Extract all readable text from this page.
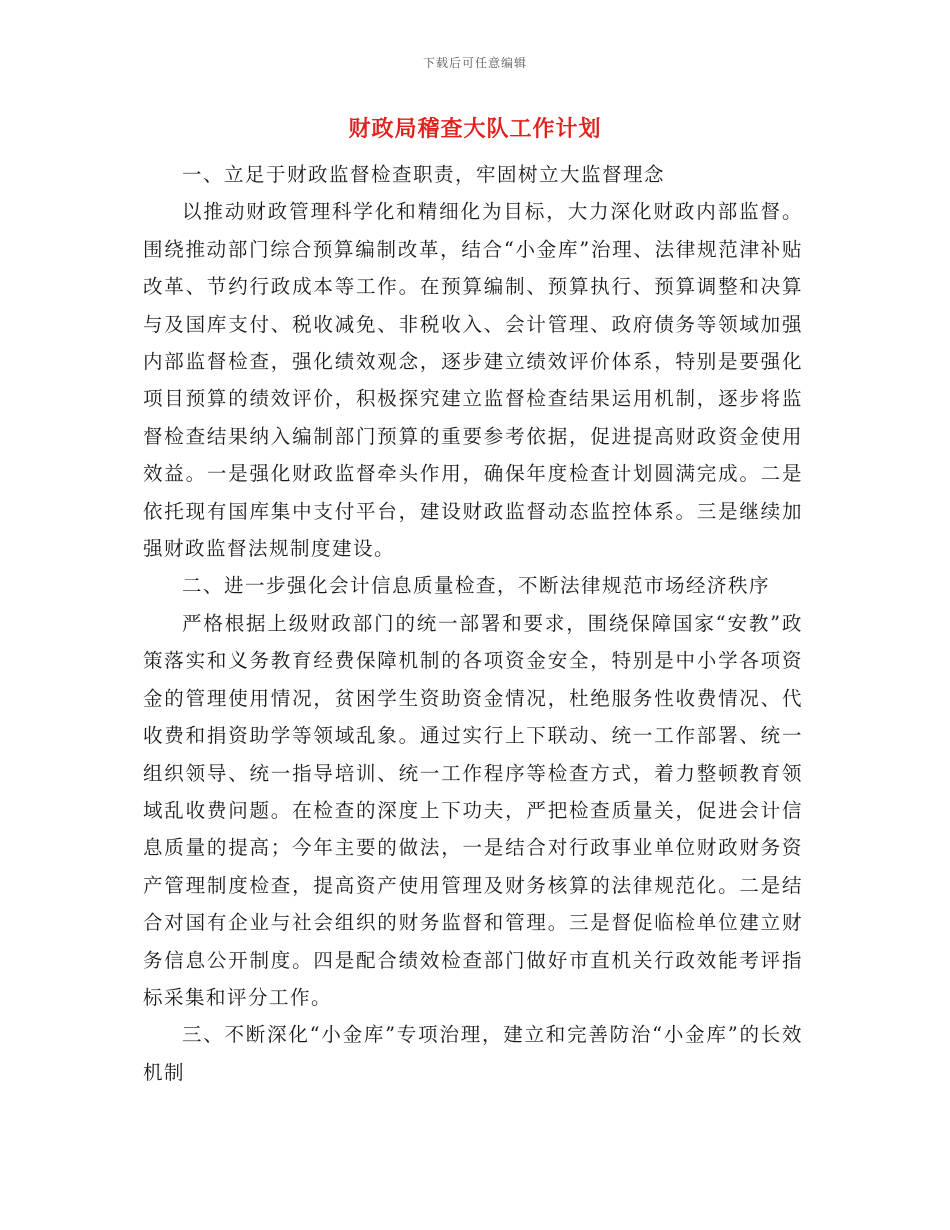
下载后可任意编辑
财政局稽查大队工作计划

一、立足于财政监督检查职责，牢固树立大监督理念

以推动财政管理科学化和精细化为目标，大力深化财政内部监督。围绕推动部门综合预算编制改革，结合“小金库”治理、法律规范津补贴改革、节约行政成本等工作。在预算编制、预算执行、预算调整和决算与及国库支付、税收减免、非税收入、会计管理、政府债务等领域加强内部监督检查，强化绩效观念，逐步建立绩效评价体系，特别是要强化项目预算的绩效评价，积极探究建立监督检查结果运用机制，逐步将监督检查结果纳入编制部门预算的重要参考依据，促进提高财政资金使用效益。一是强化财政监督牵头作用，确保年度检查计划圆满完成。二是依托现有国库集中支付平台，建设财政监督动态监控体系。三是继续加强财政监督法规制度建设。

二、进一步强化会计信息质量检查，不断法律规范市场经济秩序

严格根据上级财政部门的统一部署和要求，围绕保障国家“安教”政策落实和义务教育经费保障机制的各项资金安全，特别是中小学各项资金的管理使用情况，贫困学生资助资金情况，杜绝服务性收费情况、代收费和捐资助学等领域乱象。通过实行上下联动、统一工作部署、统一组织领导、统一指导培训、统一工作程序等检查方式，着力整顿教育领域乱收费问题。在检查的深度上下功夫，严把检查质量关，促进会计信息质量的提高；今年主要的做法，一是结合对行政事业单位财政财务资产管理制度检查，提高资产使用管理及财务核算的法律规范化。二是结合对国有企业与社会组织的财务监督和管理。三是督促临检单位建立财务信息公开制度。四是配合绩效检查部门做好市直机关行政效能考评指标采集和评分工作。

三、不断深化“小金库”专项治理，建立和完善防治“小金库”的长效机制
